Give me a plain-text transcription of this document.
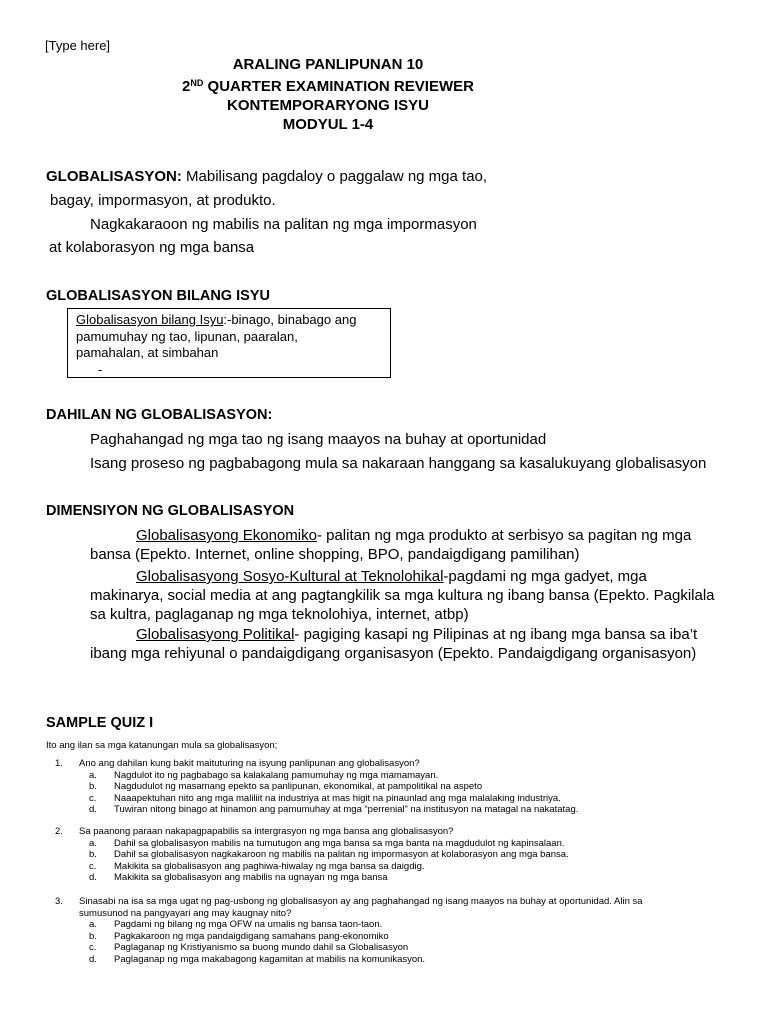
[Type here]
ARALING PANLIPUNAN 10
2ND QUARTER EXAMINATION REVIEWER
KONTEMPORARYONG ISYU
MODYUL 1-4
GLOBALISASYON: Mabilisang pagdaloy o paggalaw ng mga tao,
bagay, impormasyon, at produkto.
Nagkakaraoon ng mabilis na palitan ng mga impormasyon
at kolaborasyon ng mga bansa
GLOBALISASYON BILANG ISYU
Globalisasyon bilang Isyu:-binago, binabago ang
pamumuhay ng tao, lipunan, paaralan,
pamahalan, at simbahan
-
DAHILAN NG GLOBALISASYON:
Paghahangad ng mga tao ng isang maayos na buhay at oportunidad
Isang proseso ng pagbabagong mula sa nakaraan hanggang sa kasalukuyang globalisasyon
DIMENSIYON NG GLOBALISASYON
Globalisasyong Ekonomiko- palitan ng mga produkto at serbisyo sa pagitan ng mga
bansa (Epekto. Internet, online shopping, BPO, pandaigdigang pamilihan)
Globalisasyong Sosyo-Kultural at Teknolohikal-pagdami ng mga gadyet, mga
makinarya, social media at ang pagtangkilik sa mga kultura ng ibang bansa (Epekto. Pagkilala
sa kultra, paglaganap ng mga teknolohiya, internet, atbp)
Globalisasyong Politikal- pagiging kasapi ng Pilipinas at ng ibang mga bansa sa iba’t
ibang mga rehiyunal o pandaigdigang organisasyon (Epekto. Pandaigdigang organisasyon)
SAMPLE QUIZ I
Ito ang ilan sa mga katanungan mula sa globalisasyon;
1. Ano ang dahilan kung bakit maituturing na isyung panlipunan ang globalisasyon?
a. Nagdulot ito ng pagbabago sa kalakalang pamumuhay ng mga mamamayan.
b. Nagdudulot ng masamang epekto sa panlipunan, ekonomikal, at pampolitikal na aspeto
c. Naaapektuhan nito ang mga maliliit na industriya at mas higit na pinaunlad ang mga malalaking industriya.
d. Tuwiran nitong binago at hinamon ang pamumuhay at mga “perrenial” na institusyon na matagal na nakatatag.
2. Sa paanong paraan nakapagpapabilis sa intergrasyon ng mga bansa ang globalisasyon?
a. Dahil sa globalisasyon mabilis na tumutugon ang mga bansa sa mga banta na magdudulot ng kapinsalaan.
b. Dahil sa globalisasyon nagkakaroon ng mabilis na palitan ng impormasyon at kolaborasyon ang mga bansa.
c. Makikita sa globalisasyon ang paghiwa-hiwalay ng mga bansa sa daigdig.
d. Makikita sa globalisasyon ang mabilis na ugnayan ng mga bansa
3. Sinasabi na isa sa mga ugat ng pag-usbong ng globalisasyon ay ang paghahangad ng isang maayos na buhay at oportunidad. Alin sa
sumusunod na pangyayari ang may kaugnay nito?
a. Pagdami ng bilang ng mga OFW na umalis ng bansa taon-taon.
b. Pagkakaroon ng mga pandaigdigang samahans pang-ekonomiko
c. Paglaganap ng Kristiyanismo sa buong mundo dahil sa Globalisasyon
d. Paglaganap ng mga makabagong kagamitan at mabilis na komunikasyon.
